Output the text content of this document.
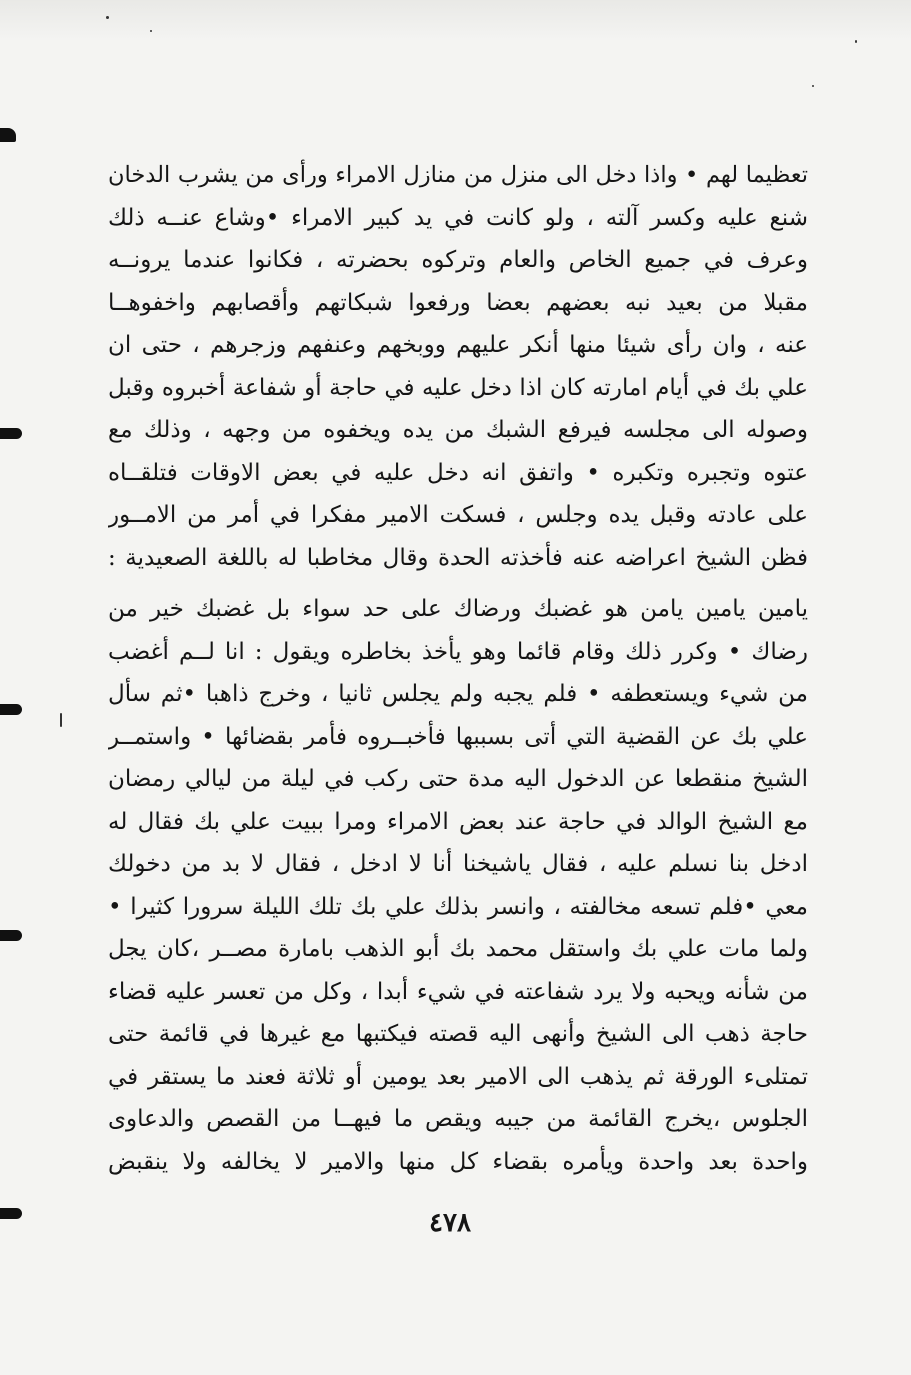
تعظيما لهم • واذا دخل الى منزل من منازل الامراء ورأى من يشرب الدخان
شنع عليه وكسر آلته ، ولو كانت في يد كبير الامراء •وشاع عنــه ذلك
وعرف في جميع الخاص والعام وتركوه بحضرته ، فكانوا عندما يرونــه
مقبلا من بعيد نبه بعضهم بعضا ورفعوا شبكاتهم وأقصابهم واخفوهــا
عنه ، وان رأى شيئا منها أنكر عليهم ووبخهم وعنفهم وزجرهم ، حتى ان
علي بك في أيام امارته كان اذا دخل عليه في حاجة أو شفاعة أخبروه وقبل
وصوله الى مجلسه فيرفع الشبك من يده ويخفوه من وجهه ، وذلك مع
عتوه وتجبره وتكبره • واتفق انه دخل عليه في بعض الاوقات فتلقــاه
على عادته وقبل يده وجلس ، فسكت الامير مفكرا في أمر من الامــور
فظن الشيخ اعراضه عنه فأخذته الحدة وقال مخاطبا له باللغة الصعيدية :
يامين يامين يامن هو غضبك ورضاك على حد سواء بل غضبك خير من
رضاك • وكرر ذلك وقام قائما وهو يأخذ بخاطره ويقول : انا لــم أغضب
من شيء ويستعطفه • فلم يجبه ولم يجلس ثانيا ، وخرج ذاهبا •ثم سأل
علي بك عن القضية التي أتى بسببها فأخبــروه فأمر بقضائها • واستمــر
الشيخ منقطعا عن الدخول اليه مدة حتى ركب في ليلة من ليالي رمضان
مع الشيخ الوالد في حاجة عند بعض الامراء ومرا ببيت علي بك فقال له
ادخل بنا نسلم عليه ، فقال ياشيخنا أنا لا ادخل ، فقال لا بد من دخولك
معي •فلم تسعه مخالفته ، وانسر بذلك علي بك تلك الليلة سرورا كثيرا •
ولما مات علي بك واستقل محمد بك أبو الذهب بامارة مصــر ،كان يجل
من شأنه ويحبه ولا يرد شفاعته في شيء أبدا ، وكل من تعسر عليه قضاء
حاجة ذهب الى الشيخ وأنهى اليه قصته فيكتبها مع غيرها في قائمة حتى
تمتلىء الورقة ثم يذهب الى الامير بعد يومين أو ثلاثة فعند ما يستقر في
الجلوس ،يخرج القائمة من جيبه ويقص ما فيهــا من القصص والدعاوى
واحدة بعد واحدة ويأمره بقضاء كل منها والامير لا يخالفه ولا ينقبض
٤٧٨
